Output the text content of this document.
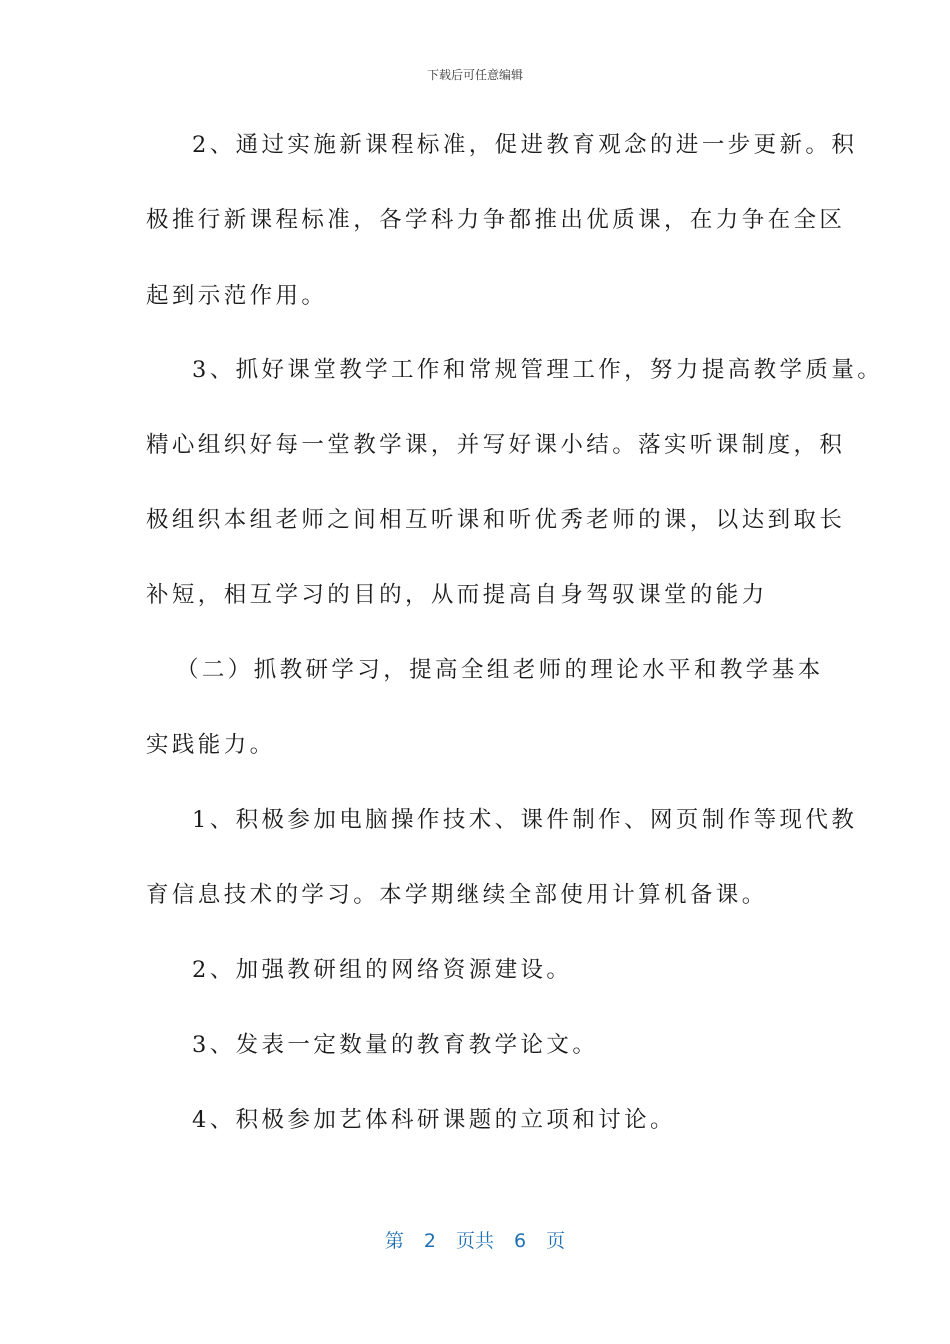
下载后可任意编辑
2、通过实施新课程标准，促进教育观念的进一步更新。积
极推行新课程标准，各学科力争都推出优质课，在力争在全区
起到示范作用。
3、抓好课堂教学工作和常规管理工作，努力提高教学质量。
精心组织好每一堂教学课，并写好课小结。落实听课制度，积
极组织本组老师之间相互听课和听优秀老师的课，以达到取长
补短，相互学习的目的，从而提高自身驾驭课堂的能力
（二）抓教研学习，提高全组老师的理论水平和教学基本
实践能力。
1、积极参加电脑操作技术、课件制作、网页制作等现代教
育信息技术的学习。本学期继续全部使用计算机备课。
2、加强教研组的网络资源建设。
3、发表一定数量的教育教学论文。
4、积极参加艺体科研课题的立项和讨论。
第 2 页共 6 页
